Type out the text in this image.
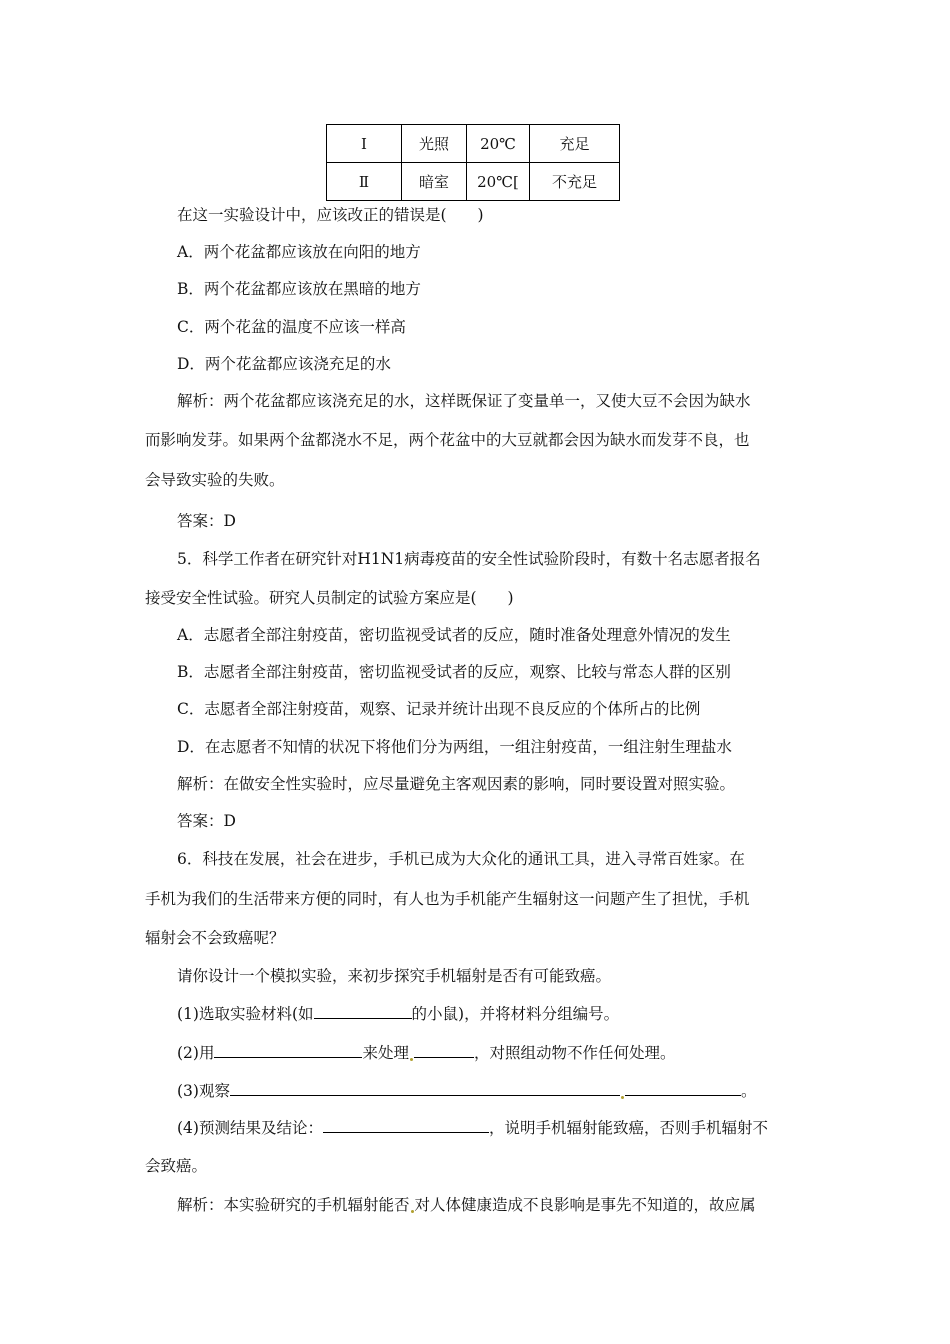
Ⅰ	光照	20℃	充足
Ⅱ	暗室	20℃[	不充足
在这一实验设计中，应该改正的错误是(　　)
A．两个花盆都应该放在向阳的地方
B．两个花盆都应该放在黑暗的地方
C．两个花盆的温度不应该一样高
D．两个花盆都应该浇充足的水
解析：两个花盆都应该浇充足的水，这样既保证了变量单一，又使大豆不会因为缺水
而影响发芽。如果两个盆都浇水不足，两个花盆中的大豆就都会因为缺水而发芽不良，也
会导致实验的失败。
答案：D
5．科学工作者在研究针对H1N1病毒疫苗的安全性试验阶段时，有数十名志愿者报名
接受安全性试验。研究人员制定的试验方案应是(　　)
A．志愿者全部注射疫苗，密切监视受试者的反应，随时准备处理意外情况的发生
B．志愿者全部注射疫苗，密切监视受试者的反应，观察、比较与常态人群的区别
C．志愿者全部注射疫苗，观察、记录并统计出现不良反应的个体所占的比例
D．在志愿者不知情的状况下将他们分为两组，一组注射疫苗，一组注射生理盐水
解析：在做安全性实验时，应尽量避免主客观因素的影响，同时要设置对照实验。
答案：D
6．科技在发展，社会在进步，手机已成为大众化的通讯工具，进入寻常百姓家。在
手机为我们的生活带来方便的同时，有人也为手机能产生辐射这一问题产生了担忧，手机
辐射会不会致癌呢？
请你设计一个模拟实验，来初步探究手机辐射是否有可能致癌。
(1)选取实验材料(如	的小鼠)，并将材料分组编号。
(2)用	来处理	，对照组动物不作任何处理。
(3)观察	。
(4)预测结果及结论：	，说明手机辐射能致癌，否则手机辐射不
会致癌。
解析：本实验研究的手机辐射能否 对人体健康造成不良影响是事先不知道的，故应属
